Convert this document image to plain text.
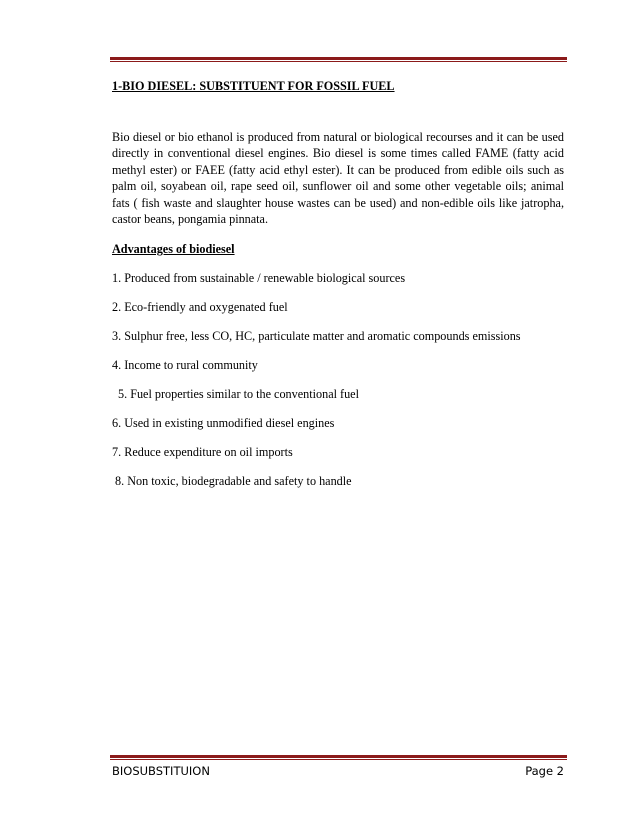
1-BIO DIESEL: SUBSTITUENT FOR FOSSIL FUEL

Bio diesel or bio ethanol is produced from natural or biological recourses and it can be used directly in conventional diesel engines. Bio diesel is some times called FAME (fatty acid methyl ester) or FAEE (fatty acid ethyl ester). It can be produced from edible oils such as palm oil, soyabean oil, rape seed oil, sunflower oil and some other vegetable oils; animal fats ( fish waste and slaughter house wastes can be used) and non-edible oils like jatropha, castor beans, pongamia pinnata.

Advantages of biodiesel

1. Produced from sustainable / renewable biological sources

2. Eco-friendly and oxygenated fuel

3. Sulphur free, less CO, HC, particulate matter and aromatic compounds emissions

4. Income to rural community

5. Fuel properties similar to the conventional fuel

6. Used in existing unmodified diesel engines

7. Reduce expenditure on oil imports

8. Non toxic, biodegradable and safety to handle

BIOSUBSTITUION	Page 2
